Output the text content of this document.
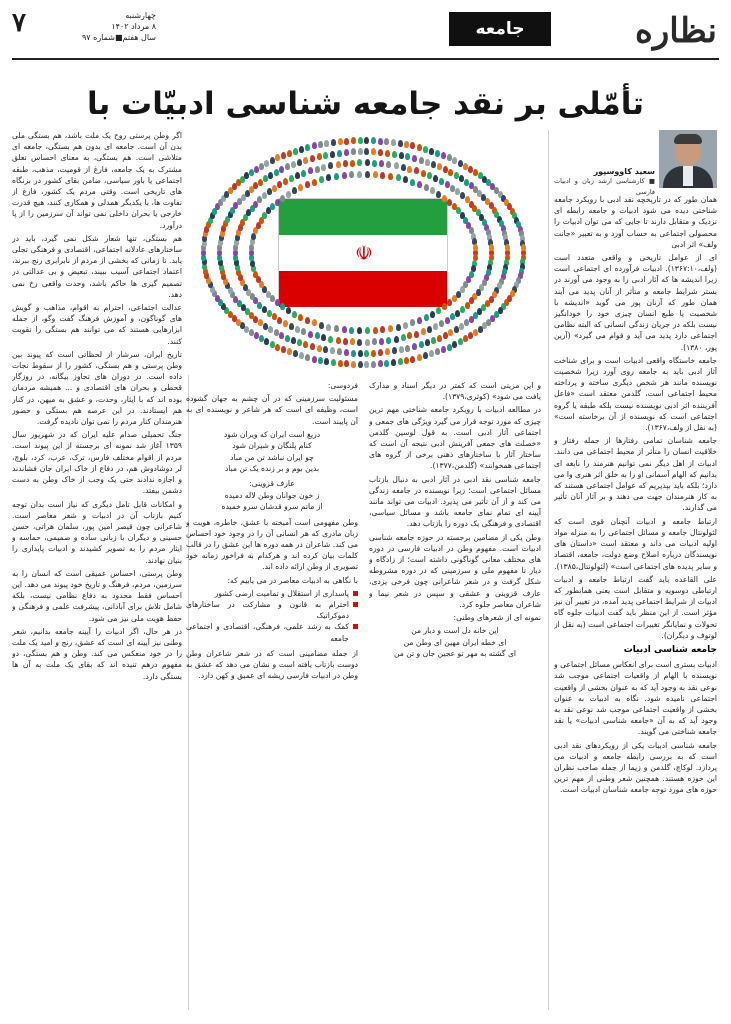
نظاره
جامعه
چهارشنبه
۸ مرداد ۱۴۰۲
سال هفتم■شماره ۹۷
۷
تأمّلی بر نقد جامعه شناسی ادبیّات با
سعید کاووسپور
■ کارشناسی ارشد زبان و ادبیات فارسی

همان طور که در تاریخچه نقد ادبی با رویکرد جامعه شناختی دیده می شود ادبیات و جامعه رابطه ای نزدیک و متقابل دارند تا جایی که می توان ادبیات را محصولی اجتماعی به حساب آورد و به تعبیر «جانت ولف» اثر ادبی

ای از عوامل تاریخی و واقعی متعدد است (ولف،۱۳۶۷:۱۰). ادبیات فرآورده ای اجتماعی است زیرا اندیشه ها که آثار ادبی را به وجود می آورند در بستر شرایط جامعه و متأثر از آنان پدید می آیند همان طور که آرنان پور می گوید «اندیشه با شخصیت یا طبع انسان چیزی خود را خودانگیز نیست بلکه در جریان زندگی انسانی که البته نظامی اجتماعی دارد پدید می آید و قوام می گیرد» (آرین پور، ۱۳۸۰).

جامعه خاستگاه واقعی ادبیات است و برای شناخت آثار ادبی باید به جامعه روی آورد زیرا شخصیت نویسنده مانند هر شخص دیگری ساخته و پرداخته محیط اجتماعی است، گلدمن معتقد است «فاعل آفریننده اثر ادبی نویسنده نیست بلکه طبقه یا گروه اجتماعی است که نویسنده از آن برخاسته است» (به نقل از ولف،۱۳۶۷).

جامعه شناسان تمامی رفتارها از جمله رفتار و خلاقیت انسان را متأثر از محیط اجتماعی می دانند. ادبیات از اهل دیگر نمی توانیم هنرمند را نابغه ای بدانیم که الهام آسمانی او را به خلق اثر هنری وا می دارد؛ بلکه باید بپذیریم که عوامل اجتماعی هستند که به کار هنرمندان جهت می دهند و بر آثار آنان تأثیر می گذارند.

ارتباط جامعه و ادبیات آنچنان قوی است که لئولونتال جامعه و مسائل اجتماعی را به منزله مواد اولیه ادبیات می داند و معتقد است «داستان های نویسندگان درباره اصلاح وضع دولت، جامعه، اقتصاد و سایر پدیده های اجتماعی است» (لئولونتال،۱۳۸۵).

علی القاعده باید گفت ارتباط جامعه و ادبیات ارتباطی دوسویه و متقابل است یعنی همانطور که ادبیات از شرایط اجتماعی پدید آمده، در تغییر آن نیز مؤثر است. از این منظر باید گفت ادبیات جلوه گاه تحولات و نمایانگر تغییرات اجتماعی است (به نقل از لوتوف و دیگران).

جامعه شناسی ادبیات

ادبیات بستری است برای انعکاس مسائل اجتماعی و نویسنده با الهام از واقعیات اجتماعی موجب شد نوعی نقد به وجود آید که به عنوان بخشی از واقعیت اجتماعی نامیده شود. نگاه به ادبیات به عنوان بخشی از واقعیت اجتماعی موجب شد نوعی نقد به وجود آید که به آن «جامعه شناسی ادبیات» یا نقد جامعه شناختی می گویند.

جامعه شناسی ادبیات یکی از رویکردهای نقد ادبی است که به بررسی رابطه جامعه و ادبیات می پردازد. لوکاچ، گلدمن و زیما از جمله صاحب نظران این حوزه هستند. همچنین شعر وطنی از مهم ترین حوزه های مورد توجه جامعه شناسان ادبیات است.

☫

و این مزیتی است که کمتر در دیگر اسناد و مدارک یافت می شود» (کوثری،۱۳۷۹).

در مطالعه ادبیات با رویکرد جامعه شناختی مهم ترین چیزی که مورد توجه قرار می گیرد ویژگی های جمعی و اجتماعی آثار ادبی است. به قول لوسین گلدمن «خصلت های جمعی آفرینش ادبی نتیجه آن است که ساختار آثار با ساختارهای ذهنی برخی از گروه های اجتماعی همخوانند» (گلدمن،۱۳۷۷).

جامعه شناسی نقد ادبی در آثار ادبی به دنبال بازتاب مسائل اجتماعی است؛ زیرا نویسنده در جامعه زندگی می کند و از آن تأثیر می پذیرد. ادبیات می تواند مانند آیینه ای تمام نمای جامعه باشد و مسائل سیاسی، اقتصادی و فرهنگی یک دوره را بازتاب دهد.

وطن یکی از مضامین برجسته در حوزه جامعه شناسی ادبیات است. مفهوم وطن در ادبیات فارسی در دوره های مختلف معانی گوناگونی داشته است؛ از زادگاه و دیار تا مفهوم ملی و سرزمینی که در دوره مشروطه شکل گرفت و در شعر شاعرانی چون فرخی یزدی، عارف قزوینی و عشقی و سپس در شعر نیما و شاعران معاصر جلوه کرد.

نمونه ای از شعرهای وطنی:

این خانه دل است و دیار من
ای خطه ایران مهین ای وطن من
ای گشته به مهر تو عجین جان و تن من

فردوسی:

مسئولیت سرزمینی که در آن چشم به جهان گشوده است، وظیفه ای است که هر شاعر و نویسنده ای به آن پایبند است.

دریغ است ایران که ویران شود
کنام پلنگان و شیران شود
چو ایران نباشد تن من مباد
بدین بوم و بر زنده یک تن مباد
عارف قزوینی:
ز خون جوانان وطن لاله دمیده
از ماتم سرو قدشان سرو خمیده

وطن مفهومی است آمیخته با عشق، خاطره، هویت و زبان مادری که هر انسانی آن را در وجود خود احساس می کند. شاعران در همه دوره ها این عشق را در قالب کلمات بیان کرده اند و هرکدام به فراخور زمانه خود تصویری از وطن ارائه داده اند.

با نگاهی به ادبیات معاصر در می یابیم که:

پاسداری از استقلال و تمامیت ارضی کشور
احترام به قانون و مشارکت در ساختارهای دموکراتیک
کمک به رشد علمی، فرهنگی، اقتصادی و اجتماعی جامعه

از جمله مضامینی است که در شعر شاعران وطن دوست بازتاب یافته است و نشان می دهد که عشق به وطن در ادبیات فارسی ریشه ای عمیق و کهن دارد.

اگر وطن پرستی روح یک ملت باشد، هم بستگی ملی بدن آن است. جامعه ای بدون هم بستگی، جامعه ای متلاشی است. هم بستگی، به معنای احساس تعلق مشترک به یک جامعه، فارغ از قومیت، مذهب، طبقه اجتماعی یا باور سیاسی، ضامن بقای کشور در بزنگاه های تاریخی است. وقتی مردم یک کشور، فارغ از تفاوت ها، با یکدیگر همدلی و همکاری کنند، هیچ قدرت خارجی یا بحران داخلی نمی تواند آن سرزمین را از پا درآورد.

هم بستگی، تنها شعار شکل نمی گیرد، باید در ساختارهای عادلانه اجتماعی، اقتصادی و فرهنگی تجلی یابد. تا زمانی که بخشی از مردم از نابرابری رنج ببرند، اعتماد اجتماعی آسیب ببیند، تبعیض و بی عدالتی در تصمیم گیری ها حاکم باشد، وحدت واقعی رخ نمی دهد.

عدالت اجتماعی، احترام به اقوام، مذاهب و گویش های گوناگون، و آموزش فرهنگ گفت وگو، از جمله ابزارهایی هستند که می توانند هم بستگی را تقویت کنند.

تاریخ ایران، سرشار از لحظاتی است که پیوند بین وطن پرستی و هم بستگی، کشور را از سقوط نجات داده است. در دوران های تجاوز بیگانه، در روزگار قحطی و بحران های اقتصادی و ... همیشه مردمان بوده اند که با ایثار، وحدت، و عشق به میهن، در کنار هم ایستادند. در این عرصه هم بستگی و حضور هنرمندان کنار مردم را نمی توان نادیده گرفت.

جنگ تحمیلی صدام علیه ایران که در شهریور سال ۱۳۵۹ آغاز شد نمونه ای برجسته از این پیوند است. مردم از اقوام مختلف فارس، ترک، عرب، کرد، بلوچ، لر دوشادوش هم، در دفاع از خاک ایران جان فشاندند و اجازه ندادند حتی یک وجب از خاک وطن به دست دشمن بیفتد.

و امکانات قابل تامل دیگری که نیاز است بدان توجه کنیم بازتاب آن در ادبیات و شعر معاصر است. شاعرانی چون قیصر امین پور، سلمان هراتی، حسن حسینی و دیگران با زبانی ساده و صمیمی، حماسه و ایثار مردم را به تصویر کشیدند و ادبیات پایداری را بنیان نهادند.

وطن پرستی، احساس عمیقی است که انسان را به سرزمین، مردم، فرهنگ و تاریخ خود پیوند می دهد. این احساس فقط محدود به دفاع نظامی نیست، بلکه شامل تلاش برای آبادانی، پیشرفت علمی و فرهنگی و حفظ هویت ملی نیز می شود.

در هر حال، اگر ادبیات را آیینه جامعه بدانیم، شعر وطنی نیز آیینه ای است که عشق، رنج و امید یک ملت را در خود منعکس می کند. وطن و هم بستگی، دو مفهوم درهم تنیده اند که بقای یک ملت به آن ها بستگی دارد.
